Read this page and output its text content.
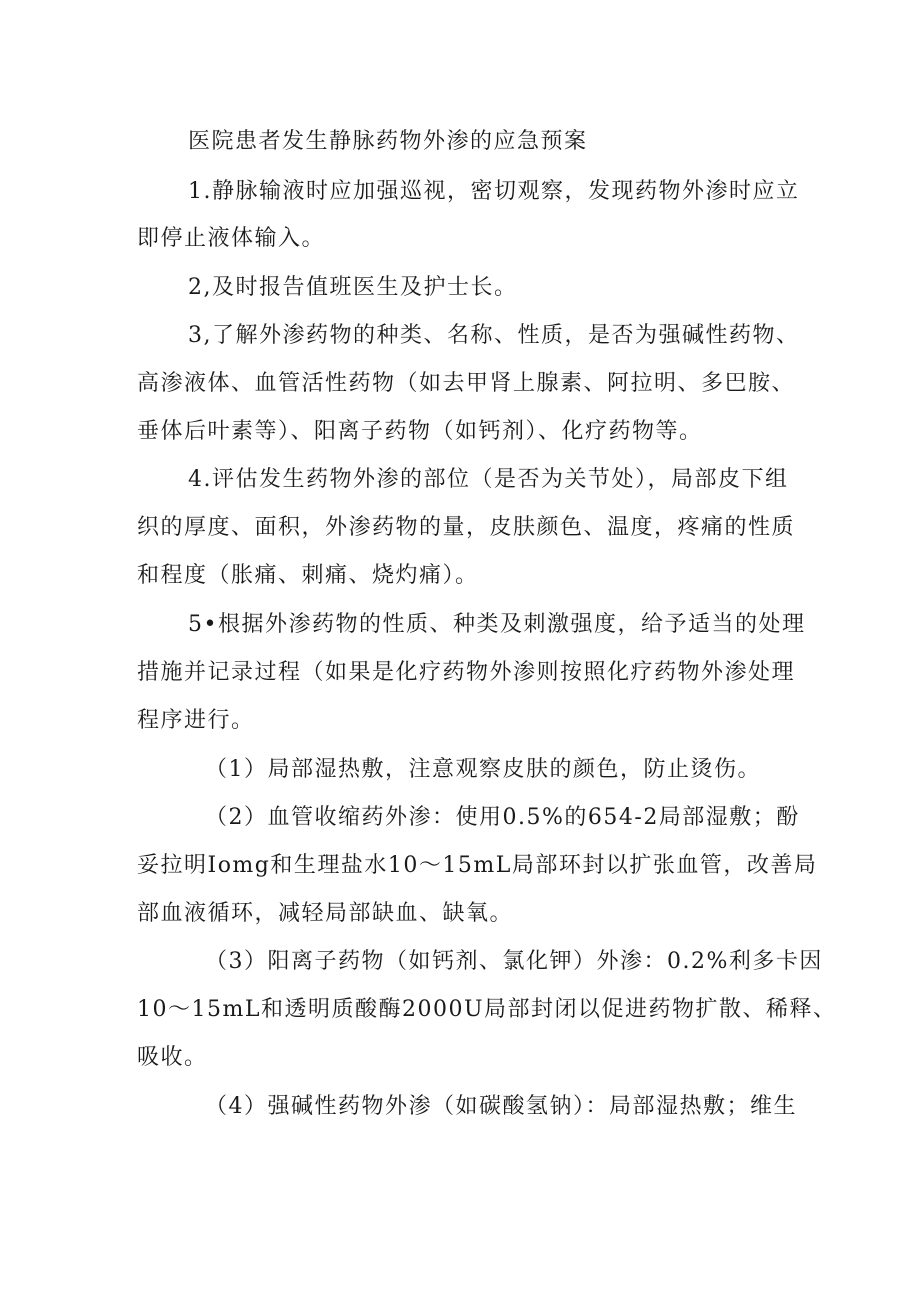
医院患者发生静脉药物外渗的应急预案

1.静脉输液时应加强巡视，密切观察，发现药物外渗时应立

即停止液体输入。

2,及时报告值班医生及护士长。

3,了解外渗药物的种类、名称、性质，是否为强碱性药物、

高渗液体、血管活性药物（如去甲肾上腺素、阿拉明、多巴胺、

垂体后叶素等）、阳离子药物（如钙剂）、化疗药物等。

4.评估发生药物外渗的部位（是否为关节处），局部皮下组

织的厚度、面积，外渗药物的量，皮肤颜色、温度，疼痛的性质

和程度（胀痛、刺痛、烧灼痛）。

5•根据外渗药物的性质、种类及刺激强度，给予适当的处理

措施并记录过程（如果是化疗药物外渗则按照化疗药物外渗处理

程序进行。

（1）局部湿热敷，注意观察皮肤的颜色，防止烫伤。

（2）血管收缩药外渗：使用0.5%的654-2局部湿敷；酚

妥拉明Iomg和生理盐水10～15mL局部环封以扩张血管，改善局

部血液循环，减轻局部缺血、缺氧。

（3）阳离子药物（如钙剂、氯化钾）外渗：0.2%利多卡因

10～15mL和透明质酸酶2000U局部封闭以促进药物扩散、稀释、

吸收。

（4）强碱性药物外渗（如碳酸氢钠）：局部湿热敷；维生
